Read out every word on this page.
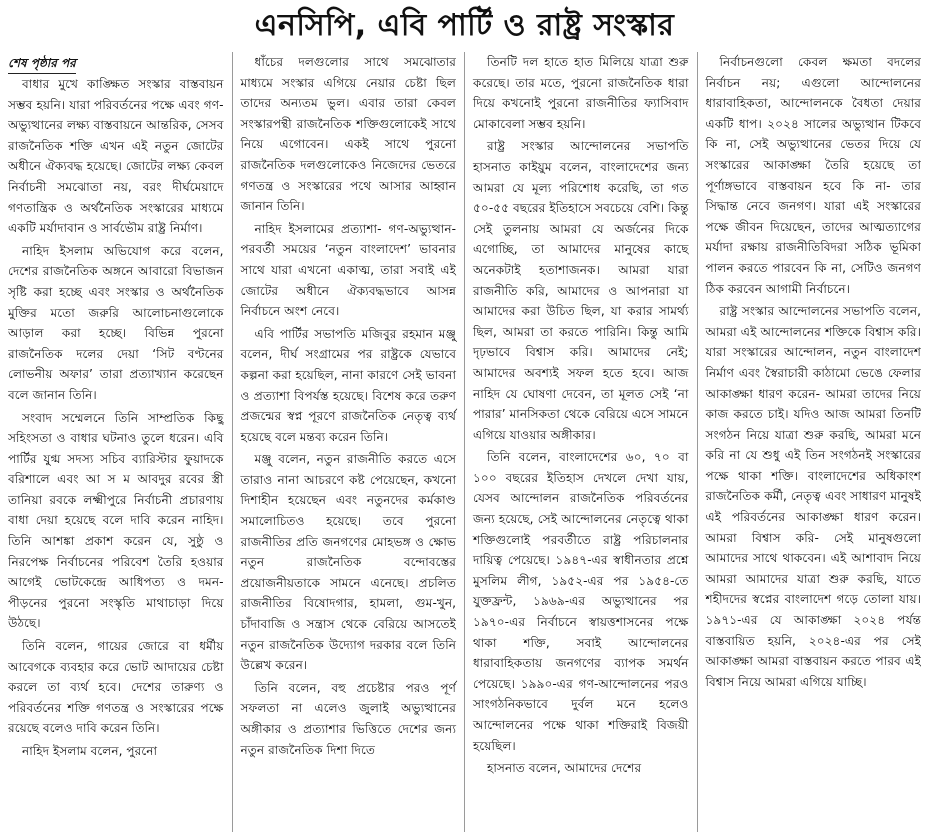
এনসিপি, এবি পার্টি ও রাষ্ট্র সংস্কার
শেষ পৃষ্ঠার পর

বাধার মুখে কাঙ্ক্ষিত সংস্কার বাস্তবায়ন সম্ভব হয়নি। যারা পরিবর্তনের পক্ষে এবং গণ-অভ্যুত্থানের লক্ষ্য বাস্তবায়নে আন্তরিক, সেসব রাজনৈতিক শক্তি এখন এই নতুন জোটের অধীনে ঐক্যবদ্ধ হয়েছে। জোটের লক্ষ্য কেবল নির্বাচনী সমঝোতা নয়, বরং দীর্ঘমেয়াদে গণতান্ত্রিক ও অর্থনৈতিক সংস্কারের মাধ্যমে একটি মর্যাদাবান ও সার্বভৌম রাষ্ট্র নির্মাণ।

নাহিদ ইসলাম অভিযোগ করে বলেন, দেশের রাজনৈতিক অঙ্গনে আবারো বিভাজন সৃষ্টি করা হচ্ছে এবং সংস্কার ও অর্থনৈতিক মুক্তির মতো জরুরি আলোচনাগুলোকে আড়াল করা হচ্ছে। বিভিন্ন পুরনো রাজনৈতিক দলের দেয়া ‘সিট বণ্টনের লোভনীয় অফার’ তারা প্রত্যাখ্যান করেছেন বলে জানান তিনি।

সংবাদ সম্মেলনে তিনি সাম্প্রতিক কিছু সহিংসতা ও বাধার ঘটনাও তুলে ধরেন। এবি পার্টির যুগ্ম সদস্য সচিব ব্যারিস্টার ফুয়াদকে বরিশালে এবং আ স ম আবদুর রবের স্ত্রী তানিয়া রবকে লক্ষ্মীপুরে নির্বাচনী প্রচারণায় বাধা দেয়া হয়েছে বলে দাবি করেন নাহিদ। তিনি আশঙ্কা প্রকাশ করেন যে, সুষ্ঠু ও নিরপেক্ষ নির্বাচনের পরিবেশ তৈরি হওয়ার আগেই ভোটকেন্দ্রে আধিপত্য ও দমন-পীড়নের পুরনো সংস্কৃতি মাথাচাড়া দিয়ে উঠছে।

তিনি বলেন, গায়ের জোরে বা ধর্মীয় আবেগকে ব্যবহার করে ভোট আদায়ের চেষ্টা করলে তা ব্যর্থ হবে। দেশের তারুণ্য ও পরিবর্তনের শক্তি গণতন্ত্র ও সংস্কারের পক্ষে রয়েছে বলেও দাবি করেন তিনি।

নাহিদ ইসলাম বলেন, পুরনো

ধাঁচের দলগুলোর সাথে সমঝোতার মাধ্যমে সংস্কার এগিয়ে নেয়ার চেষ্টা ছিল তাদের অন্যতম ভুল। এবার তারা কেবল সংস্কারপন্থী রাজনৈতিক শক্তিগুলোকেই সাথে নিয়ে এগোবেন। একই সাথে পুরনো রাজনৈতিক দলগুলোকেও নিজেদের ভেতরে গণতন্ত্র ও সংস্কারের পথে আসার আহ্বান জানান তিনি।

নাহিদ ইসলামের প্রত্যাশা- গণ-অভ্যুত্থান-পরবর্তী সময়ের ‘নতুন বাংলাদেশ’ ভাবনার সাথে যারা এখনো একাত্ম, তারা সবাই এই জোটের অধীনে ঐক্যবদ্ধভাবে আসন্ন নির্বাচনে অংশ নেবে।

এবি পার্টির সভাপতি মজিবুর রহমান মঞ্জু বলেন, দীর্ঘ সংগ্রামের পর রাষ্ট্রকে যেভাবে কল্পনা করা হয়েছিল, নানা কারণে সেই ভাবনা ও প্রত্যাশা বিপর্যস্ত হয়েছে। বিশেষ করে তরুণ প্রজন্মের স্বপ্ন পূরণে রাজনৈতিক নেতৃত্ব ব্যর্থ হয়েছে বলে মন্তব্য করেন তিনি।

মঞ্জু বলেন, নতুন রাজনীতি করতে এসে তারাও নানা আচরণে কষ্ট পেয়েছেন, কখনো দিশাহীন হয়েছেন এবং নতুনদের কর্মকাণ্ড সমালোচিতও হয়েছে। তবে পুরনো রাজনীতির প্রতি জনগণের মোহভঙ্গ ও ক্ষোভ নতুন রাজনৈতিক বন্দোবস্তের প্রয়োজনীয়তাকে সামনে এনেছে। প্রচলিত রাজনীতির বিষোদগার, হামলা, গুম-খুন, চাঁদাবাজি ও সন্ত্রাস থেকে বেরিয়ে আসতেই নতুন রাজনৈতিক উদ্যোগ দরকার বলে তিনি উল্লেখ করেন।

তিনি বলেন, বহু প্রচেষ্টার পরও পূর্ণ সফলতা না এলেও জুলাই অভ্যুত্থানের অঙ্গীকার ও প্রত্যাশার ভিত্তিতে দেশের জন্য নতুন রাজনৈতিক দিশা দিতে

তিনটি দল হাতে হাত মিলিয়ে যাত্রা শুরু করেছে। তার মতে, পুরনো রাজনৈতিক ধারা দিয়ে কখনোই পুরনো রাজনীতির ফ্যাসিবাদ মোকাবেলা সম্ভব হয়নি।

রাষ্ট্র সংস্কার আন্দোলনের সভাপতি হাসনাত কাইয়ুম বলেন, বাংলাদেশের জন্য আমরা যে মূল্য পরিশোধ করেছি, তা গত ৫০-৫৫ বছরের ইতিহাসে সবচেয়ে বেশি। কিন্তু সেই তুলনায় আমরা যে অর্জনের দিকে এগোচ্ছি, তা আমাদের মানুষের কাছে অনেকটাই হতাশাজনক। আমরা যারা রাজনীতি করি, আমাদের ও আপনারা যা আমাদের করা উচিত ছিল, যা করার সামর্থ্য ছিল, আমরা তা করতে পারিনি। কিন্তু আমি দৃঢ়ভাবে বিশ্বাস করি। আমাদের নেই; আমাদের অবশ্যই সফল হতে হবে। আজ নাহিদ যে ঘোষণা দেবেন, তা মূলত সেই ‘না পারার’ মানসিকতা থেকে বেরিয়ে এসে সামনে এগিয়ে যাওয়ার অঙ্গীকার।

তিনি বলেন, বাংলাদেশের ৬০, ৭০ বা ১০০ বছরের ইতিহাস দেখলে দেখা যায়, যেসব আন্দোলন রাজনৈতিক পরিবর্তনের জন্য হয়েছে, সেই আন্দোলনের নেতৃত্বে থাকা শক্তিগুলোই পরবর্তীতে রাষ্ট্র পরিচালনার দায়িত্ব পেয়েছে। ১৯৪৭-এর স্বাধীনতার প্রশ্নে মুসলিম লীগ, ১৯৫২-এর পর ১৯৫৪-তে যুক্তফ্রন্ট, ১৯৬৯-এর অভ্যুত্থানের পর ১৯৭০-এর নির্বাচনে স্বায়ত্তশাসনের পক্ষে থাকা শক্তি, সবাই আন্দোলনের ধারাবাহিকতায় জনগণের ব্যাপক সমর্থন পেয়েছে। ১৯৯০-এর গণ-আন্দোলনের পরও সাংগঠনিকভাবে দুর্বল মনে হলেও আন্দোলনের পক্ষে থাকা শক্তিরাই বিজয়ী হয়েছিল।

হাসনাত বলেন, আমাদের দেশের

নির্বাচনগুলো কেবল ক্ষমতা বদলের নির্বাচন নয়; এগুলো আন্দোলনের ধারাবাহিকতা, আন্দোলনকে বৈধতা দেয়ার একটি ধাপ। ২০২৪ সালের অভ্যুত্থান টিকবে কি না, সেই অভ্যুত্থানের ভেতর দিয়ে যে সংস্কারের আকাঙ্ক্ষা তৈরি হয়েছে তা পূর্ণাঙ্গভাবে বাস্তবায়ন হবে কি না- তার সিদ্ধান্ত নেবে জনগণ। যারা এই সংস্কারের পক্ষে জীবন দিয়েছেন, তাদের আত্মত্যাগের মর্যাদা রক্ষায় রাজনীতিবিদরা সঠিক ভূমিকা পালন করতে পারবেন কি না, সেটিও জনগণ ঠিক করবেন আগামী নির্বাচনে।

রাষ্ট্র সংস্কার আন্দোলনের সভাপতি বলেন, আমরা এই আন্দোলনের শক্তিকে বিশ্বাস করি। যারা সংস্কারের আন্দোলন, নতুন বাংলাদেশ নির্মাণ এবং স্বৈরাচারী কাঠামো ভেঙে ফেলার আকাঙ্ক্ষা ধারণ করেন- আমরা তাদের নিয়ে কাজ করতে চাই। যদিও আজ আমরা তিনটি সংগঠন নিয়ে যাত্রা শুরু করছি, আমরা মনে করি না যে শুধু এই তিন সংগঠনই সংস্কারের পক্ষে থাকা শক্তি। বাংলাদেশের অধিকাংশ রাজনৈতিক কর্মী, নেতৃত্ব এবং সাধারণ মানুষই এই পরিবর্তনের আকাঙ্ক্ষা ধারণ করেন। আমরা বিশ্বাস করি- সেই মানুষগুলো আমাদের সাথে থাকবেন। এই আশাবাদ নিয়ে আমরা আমাদের যাত্রা শুরু করছি, যাতে শহীদদের স্বপ্নের বাংলাদেশ গড়ে তোলা যায়। ১৯৭১-এর যে আকাঙ্ক্ষা ২০২৪ পর্যন্ত বাস্তবায়িত হয়নি, ২০২৪-এর পর সেই আকাঙ্ক্ষা আমরা বাস্তবায়ন করতে পারব এই বিশ্বাস নিয়ে আমরা এগিয়ে যাচ্ছি।
